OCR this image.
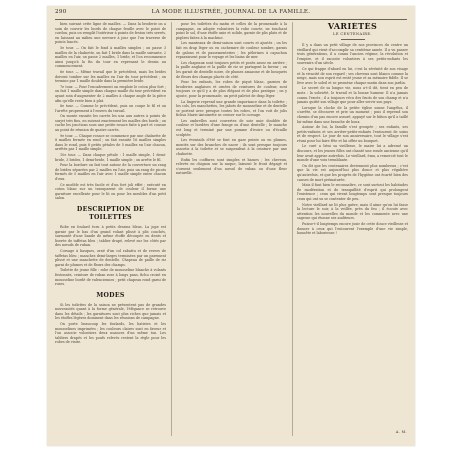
290	LA MODE ILLUSTRÉE, JOURNAL DE LA FAMILLE.

bien suivant cette ligne de mailles. — Dans la broderie on a soin de couvrir les bords de chaque feuille avec le point de cordon, puis on remplit l'intérieur à points de feston très serrés, en laissant au milieu une nervure à jour que l'on traverse de points lancés.

5e tour. — On fait le fond à mailles simples ; on passe 3 mailles de la chaînette, on fait 1 bride dans la maille suivante, 2 mailles en l'air, on passe 2 mailles, 1 bride, et l'on recommence ainsi jusqu'à la fin du tour en reprenant le dessin au commencement.

6e tour. — Même travail que le précédent, mais les brides doivent tomber sur les mailles en l'air du tour précédent ; on termine par 1 maille double dans la première bride.

7e tour. — Pour l'encadrement on emploie le coton plus fort ; on fait 1 maille simple dans chaque maille du tour précédent en ayant soin d'augmenter de 2 mailles à chaque angle de la pièce afin qu'elle reste bien à plat.

8e tour. — Comme le précédent, puis on coupe le fil et on l'arrête proprement à l'envers du travail.

On monte ensuite les carrés les uns aux autres à points de surjet très fins, en suivant exactement les mailles des bords ; on cache les jonctions sous une petite rosace faite à part et cousue au point de réunion de quatre carrés.

9e tour. — Chaque rosace se commence par une chaînette de 8 mailles fermée en rond ; on fait ensuite 16 mailles simples dans le rond, puis 8 petits pétales de 5 mailles en l'air chacun, arrêtés par 1 maille simple.

10e tour. — Dans chaque pétale : 1 maille simple, 1 demi-bride, 3 brides, 1 demi-bride, 1 maille simple ; on arrête le fil.

Pour la bordure on fait tout autour de la couverture un rang de brides séparées par 2 mailles en l'air, puis un rang de picots formés de 5 mailles en l'air avec 1 maille simple entre chacun d'eux.

Ce modèle est très facile et d'un fort joli effet ; exécuté en coton blanc sur un transparent de couleur il forme une garniture excellente pour le lit ou pour les meubles d'un petit salon.

DESCRIPTION DE TOILETTES

Robe en foulard écru à petits dessins bleus. La jupe est garnie par le bas d'un grand volant plissé à plis couchés, surmonté d'une bande de même étoffe découpée en dents et liserée de taffetas bleu ; tablier drapé, relevé sur les côtés par des nœuds de ruban.

Corsage à basques, orné d'un col rabattu et de revers de taffetas bleu ; manches demi-larges terminées par un parement plissé et une manchette de dentelle. Chapeau de paille de riz garni de plumes et de fleurs des champs.

Toilette de jeune fille : robe de mousseline blanche à volants festonnés, ceinture de ruban rose à longs pans, fichu croisé en mousseline bordé de valenciennes ; petit chapeau rond garni de roses.

MODES

Si les toilettes de la saison ne présentent pas de grandes nouveautés quant à la forme générale, l'élégance se retrouve dans les détails ; les garnitures sont plus riches que jamais et les étoffes légères dominent dans les réunions de campagne.

On porte beaucoup les foulards, les batistes et les mousselines imprimées ; les couleurs claires sont en faveur et l'on associe volontiers deux nuances d'un même ton. Les tabliers drapés et les poufs relevés restent la règle pour les robes de visite.

pour les toilettes du matin et celles de la promenade à la campagne, on adopte volontiers la robe courte, ne touchant point le sol, d'une étoffe unie et solide, garnie de plis plats et de piqûres faites à la machine.

Les manteaux de demi-saison sont courts et ajustés ; on les fait en drap léger ou en cachemire de couleur sombre, garnis de galons et de passementeries ; les pèlerines à capuchon reparaissent pour le voyage et les bains de mer.

Les chapeaux sont toujours petits et posés assez en arrière ; la paille anglaise et la paille de riz se partagent la faveur ; on les garnit de dentelle noire, de plumes amazone et de bouquets de fleurs des champs placés de côté.

Pour les enfants, les robes de piqué blanc, garnies de broderies anglaises et ornées de ceintures de couleur, sont toujours ce qu'il y a de plus élégant et de plus pratique ; on y ajoute, pour la promenade, un petit paletot de drap léger.

La lingerie reprend une grande importance dans la toilette ; les cols, les manchettes, les jabots de mousseline et de dentelle se portent avec presque toutes les robes, et l'on voit de jolis fichus Marie-Antoinette se croiser sur le corsage.

Les ombrelles sont couvertes de soie unie doublée de couleur et bordées d'une frange ou d'une dentelle ; le manche est long et terminé par une pomme d'ivoire ou d'écaille sculptée.

Les éventails d'été se font en gaze peinte ou en plumes, montés sur des branches de nacre ; ils sont presque toujours assortis à la toilette et se suspendent à la ceinture par une chaînette.

Enfin les coiffures sont simples et basses ; les cheveux, relevés en chignon sur la nuque, laissent le front dégagé et s'ornent seulement d'un nœud de ruban ou d'une fleur naturelle.

VARIÉTÉS
LE CENTENAIRE.

Il y a dans un petit village de nos provinces du centre un vieillard qui vient d'accomplir sa centième année. Il a vu passer trois générations, il a connu l'ancien régime, la révolution et l'empire, et il raconte volontiers à ses petits-enfants les souvenirs d'un siècle.

Ce qui frappe d'abord en lui, c'est la sérénité de son visage et la vivacité de son regard ; ses cheveux sont blancs comme la neige, mais son esprit est resté jeune et sa mémoire fidèle. Il se lève avec le soleil et se promène chaque matin dans son jardin.

Le secret de sa longue vie, nous a-t-il dit, tient en peu de mots : la sobriété, le travail et la bonne humeur. Il n'a jamais connu l'excès ; il a toujours vécu des fruits de son champ et n'a jamais quitté son village que pour aller servir son pays.

Lorsque la cloche de la petite église sonne l'angélus, il s'arrête, se découvre et prie un moment ; puis il reprend son chemin d'un pas encore assuré, appuyé sur le bâton qu'il a taillé lui-même dans une branche de houx.

Autour de lui, la famille s'est groupée ; ses enfants, ses petits-enfants et ses arrière-petits-enfants l'entourent de soins et de respect. Le jour de son anniversaire, tout le village s'est réuni pour lui faire fête et lui offrir un bouquet.

Le curé a béni sa vieillesse, le maire lui a adressé un discours, et les jeunes filles ont chanté une ronde ancienne qu'il leur avait apprise autrefois. Le vieillard, ému, a remercié tout le monde d'une voix tremblante.

On dit que les centenaires deviennent plus nombreux ; c'est que la vie est aujourd'hui plus douce et plus régulière qu'autrefois, et que les progrès de l'hygiène ont écarté bien des causes de mort prématurée.

Mais il faut bien le reconnaître, ce sont surtout les habitudes de modération et de tranquillité d'esprit qui prolongent l'existence ; ceux qui vivent longtemps sont presque toujours ceux qui ont su se contenter de peu.

Notre vieillard ne lit plus guère, mais il aime qu'on lui fasse la lecture le soir, à la veillée, près du feu ; il écoute avec attention les nouvelles du monde et les commente avec une sagesse qui étonne ses auditeurs.

Puisse-t-il longtemps encore jouir de cette douce vieillesse et donner à ceux qui l'entourent l'exemple d'une vie simple, honnête et laborieuse !

A. M.
